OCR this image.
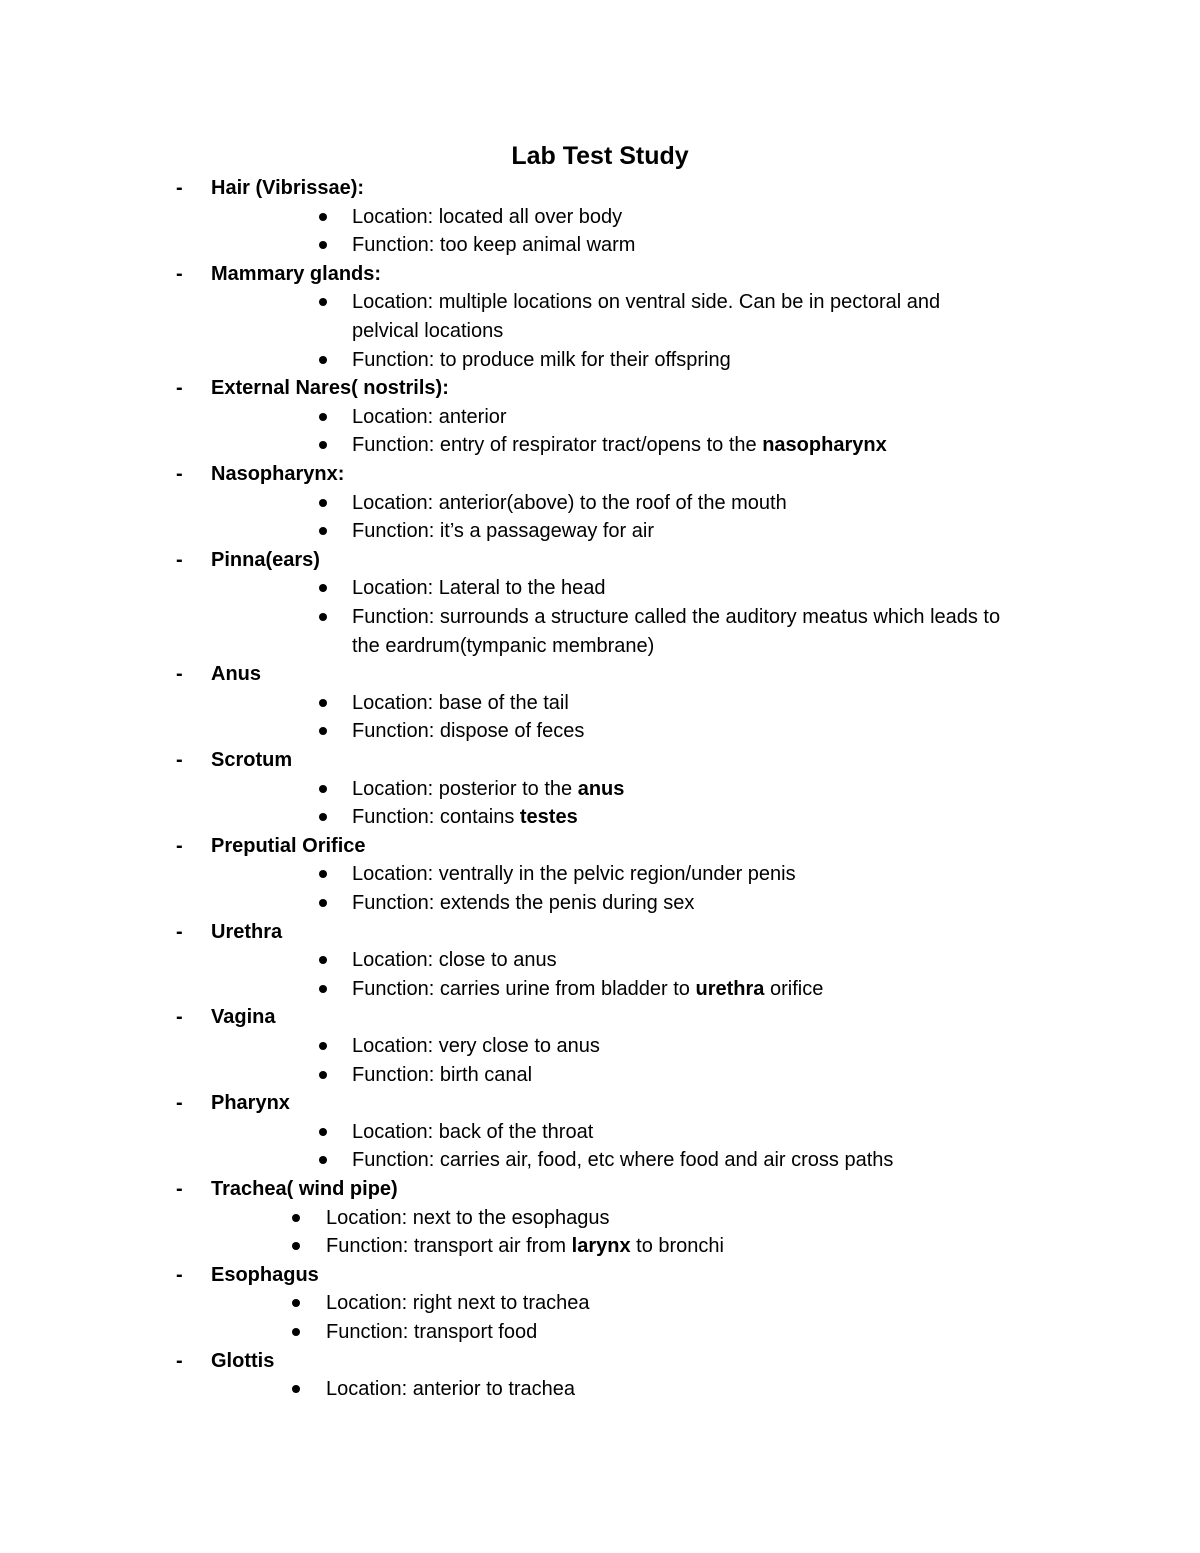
Lab Test Study
- Hair (Vibrissae):
Location: located all over body
Function: too keep animal warm
- Mammary glands:
Location: multiple locations on ventral side. Can be in pectoral and
pelvical locations
Function: to produce milk for their offspring
- External Nares( nostrils):
Location: anterior
Function: entry of respirator tract/opens to the nasopharynx
- Nasopharynx:
Location: anterior(above) to the roof of the mouth
Function: it’s a passageway for air
- Pinna(ears)
Location: Lateral to the head
Function: surrounds a structure called the auditory meatus which leads to
the eardrum(tympanic membrane)
- Anus
Location: base of the tail
Function: dispose of feces
- Scrotum
Location: posterior to the anus
Function: contains testes
- Preputial Orifice
Location: ventrally in the pelvic region/under penis
Function: extends the penis during sex
- Urethra
Location: close to anus
Function: carries urine from bladder to urethra orifice
- Vagina
Location: very close to anus
Function: birth canal
- Pharynx
Location: back of the throat
Function: carries air, food, etc where food and air cross paths
- Trachea( wind pipe)
Location: next to the esophagus
Function: transport air from larynx to bronchi
- Esophagus
Location: right next to trachea
Function: transport food
- Glottis
Location: anterior to trachea
